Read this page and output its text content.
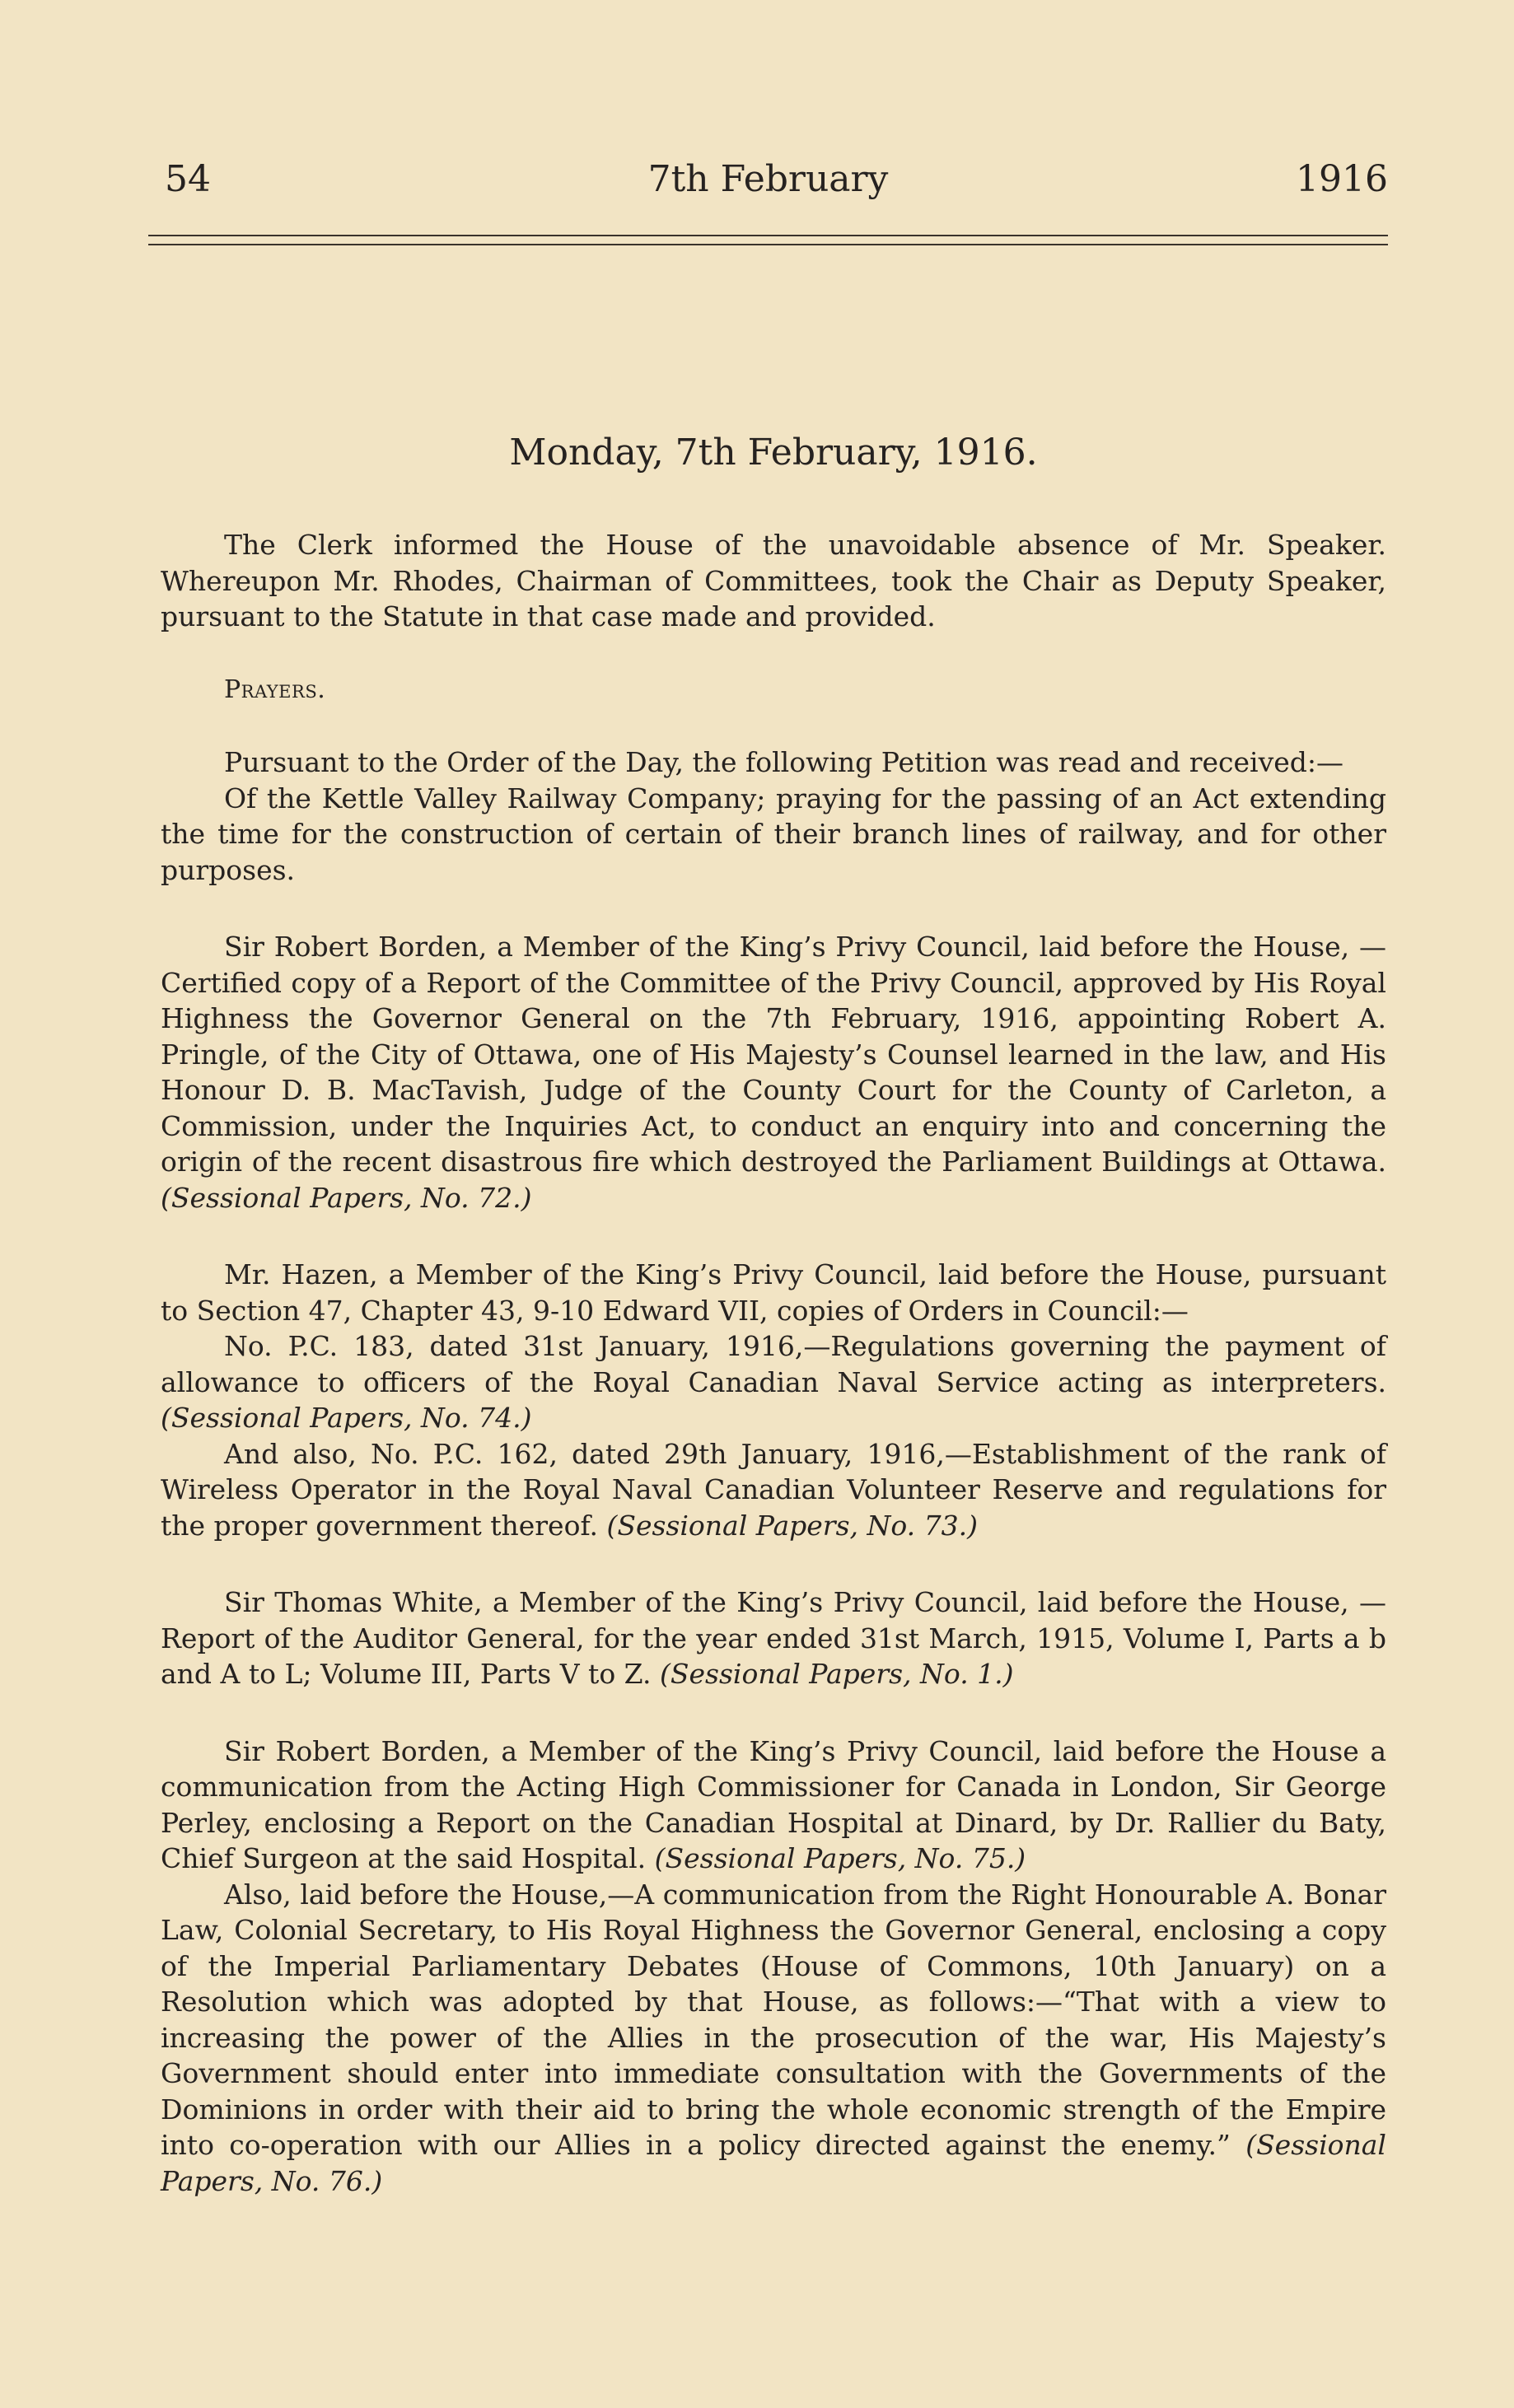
54	7th February	1916
Monday, 7th February, 1916.

The Clerk informed the House of the unavoidable absence of Mr. Speaker. Whereupon Mr. Rhodes, Chairman of Committees, took the Chair as Deputy Speaker, pursuant to the Statute in that case made and provided.

Prayers.

Pursuant to the Order of the Day, the following Petition was read and received:—

Of the Kettle Valley Railway Company; praying for the passing of an Act extending the time for the construction of certain of their branch lines of railway, and for other purposes.

Sir Robert Borden, a Member of the King’s Privy Council, laid before the House, —Certified copy of a Report of the Committee of the Privy Council, approved by His Royal Highness the Governor General on the 7th February, 1916, appointing Robert A. Pringle, of the City of Ottawa, one of His Majesty’s Counsel learned in the law, and His Honour D. B. MacTavish, Judge of the County Court for the County of Carleton, a Commission, under the Inquiries Act, to conduct an enquiry into and concerning the origin of the recent disastrous fire which destroyed the Parliament Buildings at Ottawa. (Sessional Papers, No. 72.)

Mr. Hazen, a Member of the King’s Privy Council, laid before the House, pursuant to Section 47, Chapter 43, 9-10 Edward VII, copies of Orders in Council:—

No. P.C. 183, dated 31st January, 1916,—Regulations governing the payment of allowance to officers of the Royal Canadian Naval Service acting as interpreters. (Sessional Papers, No. 74.)

And also, No. P.C. 162, dated 29th January, 1916,—Establishment of the rank of Wireless Operator in the Royal Naval Canadian Volunteer Reserve and regulations for the proper government thereof. (Sessional Papers, No. 73.)

Sir Thomas White, a Member of the King’s Privy Council, laid before the House, —Report of the Auditor General, for the year ended 31st March, 1915, Volume I, Parts a b and A to L; Volume III, Parts V to Z. (Sessional Papers, No. 1.)

Sir Robert Borden, a Member of the King’s Privy Council, laid before the House a communication from the Acting High Commissioner for Canada in London, Sir George Perley, enclosing a Report on the Canadian Hospital at Dinard, by Dr. Rallier du Baty, Chief Surgeon at the said Hospital. (Sessional Papers, No. 75.)

Also, laid before the House,—A communication from the Right Honourable A. Bonar Law, Colonial Secretary, to His Royal Highness the Governor General, enclosing a copy of the Imperial Parliamentary Debates (House of Commons, 10th January) on a Resolution which was adopted by that House, as follows:—“That with a view to increasing the power of the Allies in the prosecution of the war, His Majesty’s Government should enter into immediate consultation with the Governments of the Dominions in order with their aid to bring the whole economic strength of the Empire into co-operation with our Allies in a policy directed against the enemy.” (Sessional Papers, No. 76.)
